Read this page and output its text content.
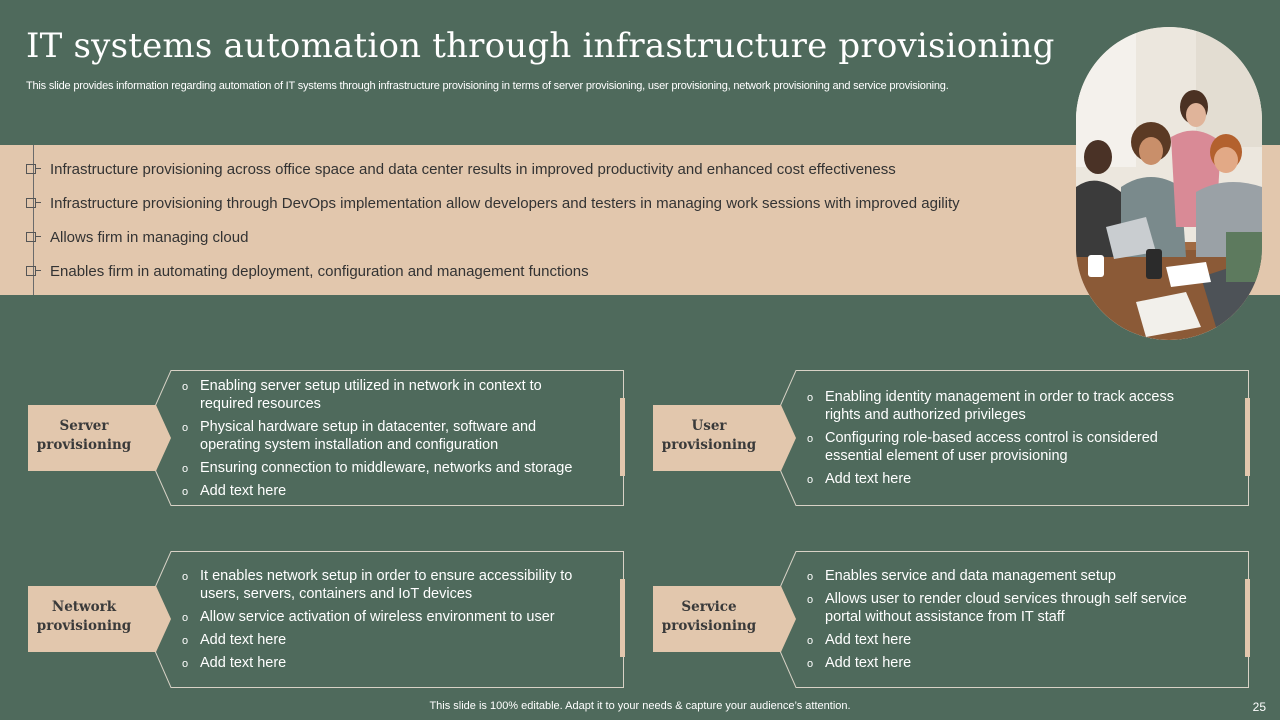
IT systems automation through infrastructure provisioning
This slide provides information regarding automation of IT systems through infrastructure provisioning in terms of server provisioning, user provisioning, network provisioning and service provisioning.
Infrastructure provisioning across office space and data center results in improved productivity and enhanced cost effectiveness
Infrastructure provisioning through DevOps implementation allow developers and testers in managing work sessions with improved agility
Allows firm in managing cloud
Enables firm in automating deployment, configuration and management functions
Server
provisioning
o Enabling server setup utilized in network in context to required resources
o Physical hardware setup in datacenter, software and operating system installation and configuration
o Ensuring connection to middleware, networks and storage
o Add text here
User
provisioning
o Enabling identity management in order to track access rights and authorized privileges
o Configuring role-based access control is considered essential element of user provisioning
o Add text here
Network
provisioning
o It enables network setup in order to ensure accessibility to users, servers, containers and IoT devices
o Allow service activation of wireless environment to user
o Add text here
o Add text here
Service
provisioning
o Enables service and data management setup
o Allows user to render cloud services through self service portal without assistance from IT staff
o Add text here
o Add text here
This slide is 100% editable. Adapt it to your needs & capture your audience’s attention.	25
